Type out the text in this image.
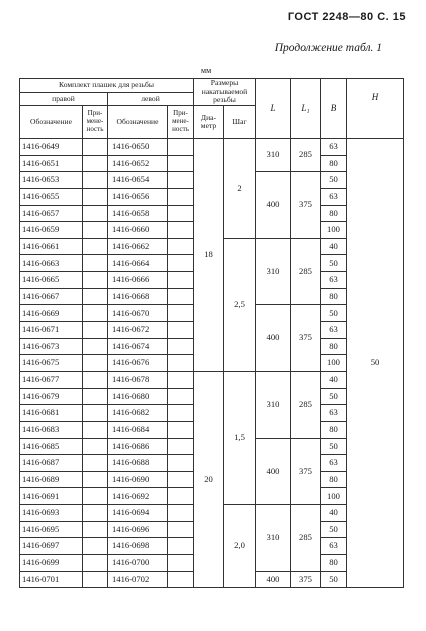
ГОСТ 2248—80 С. 15
Продолжение табл. 1
мм
Комплект плашек для резьбы				Размеры
накатываемой
резьбы		L	L₁	B	H
правой		левой							
Обозначение	При-
мене-
ность	Обозначение	При-
мене-
ность	Диа-
метр	Шаг				
1416-0649		1416-0650		18	2	310	285	63	50
1416-0651		1416-0652						80	
1416-0653		1416-0654				400	375	50	
1416-0655		1416-0656						63	
1416-0657		1416-0658						80	
1416-0659		1416-0660						100	
1416-0661		1416-0662			2,5	310	285	40	
1416-0663		1416-0664						50	
1416-0665		1416-0666						63	
1416-0667		1416-0668						80	
1416-0669		1416-0670				400	375	50	
1416-0671		1416-0672						63	
1416-0673		1416-0674						80	
1416-0675		1416-0676						100	
1416-0677		1416-0678		20	1,5	310	285	40	
1416-0679		1416-0680						50	
1416-0681		1416-0682						63	
1416-0683		1416-0684						80	
1416-0685		1416-0686				400	375	50	
1416-0687		1416-0688						63	
1416-0689		1416-0690						80	
1416-0691		1416-0692						100	
1416-0693		1416-0694			2,0	310	285	40	
1416-0695		1416-0696						50	
1416-0697		1416-0698						63	
1416-0699		1416-0700						80	
1416-0701		1416-0702				400	375	50	
